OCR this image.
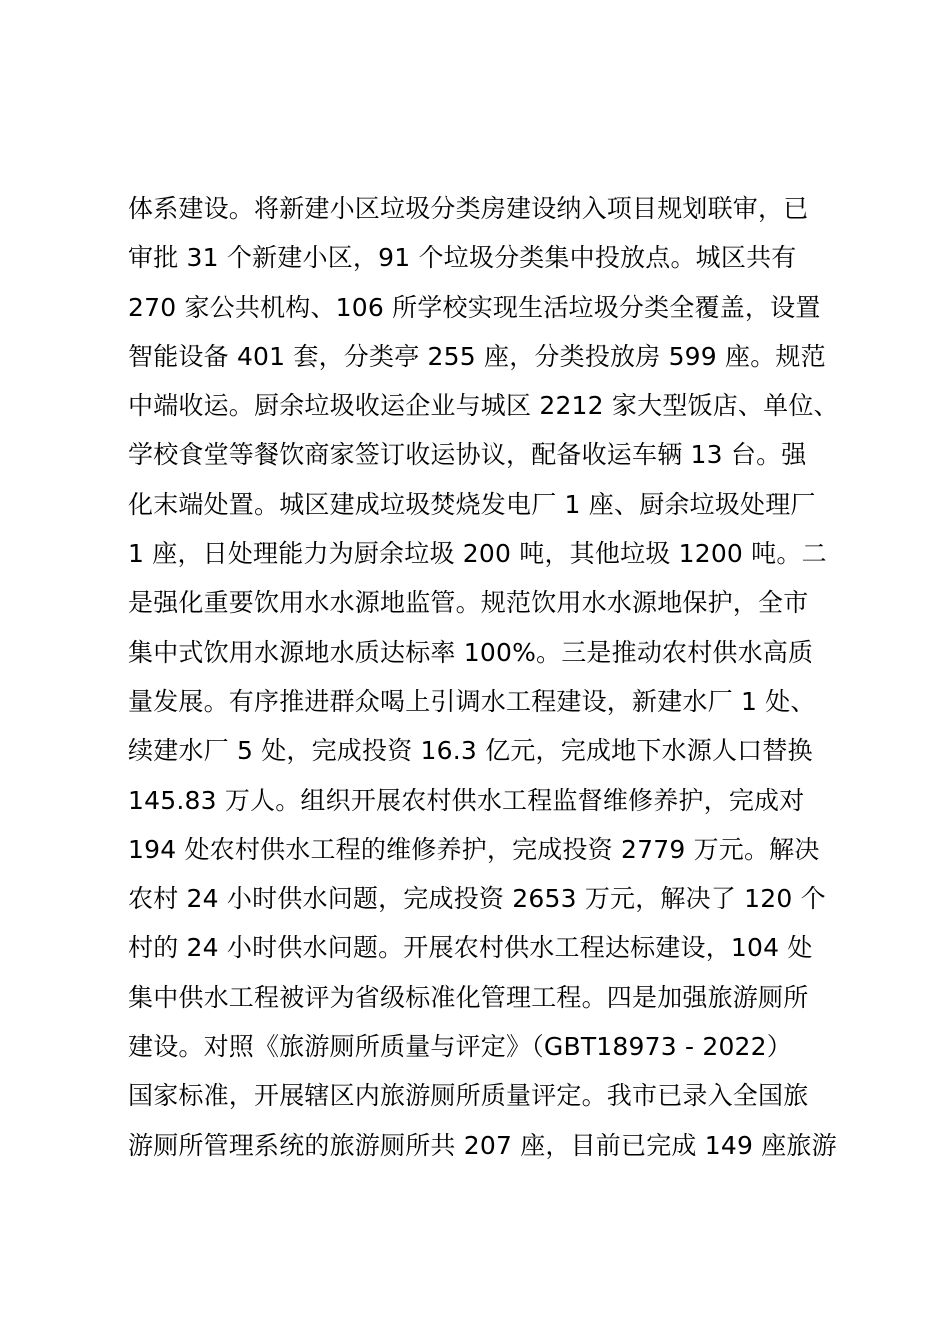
体系建设。将新建小区垃圾分类房建设纳入项目规划联审，已
审批 31 个新建小区，91 个垃圾分类集中投放点。城区共有
270 家公共机构、106 所学校实现生活垃圾分类全覆盖，设置
智能设备 401 套，分类亭 255 座，分类投放房 599 座。规范
中端收运。厨余垃圾收运企业与城区 2212 家大型饭店、单位、
学校食堂等餐饮商家签订收运协议，配备收运车辆 13 台。强
化末端处置。城区建成垃圾焚烧发电厂 1 座、厨余垃圾处理厂
1 座，日处理能力为厨余垃圾 200 吨，其他垃圾 1200 吨。二
是强化重要饮用水水源地监管。规范饮用水水源地保护，全市
集中式饮用水源地水质达标率 100%。三是推动农村供水高质
量发展。有序推进群众喝上引调水工程建设，新建水厂 1 处、
续建水厂 5 处，完成投资 16.3 亿元，完成地下水源人口替换
145.83 万人。组织开展农村供水工程监督维修养护，完成对
194 处农村供水工程的维修养护，完成投资 2779 万元。解决
农村 24 小时供水问题，完成投资 2653 万元，解决了 120 个
村的 24 小时供水问题。开展农村供水工程达标建设，104 处
集中供水工程被评为省级标准化管理工程。四是加强旅游厕所
建设。对照《旅游厕所质量与评定》（GBT18973 - 2022）
国家标准，开展辖区内旅游厕所质量评定。我市已录入全国旅
游厕所管理系统的旅游厕所共 207 座，目前已完成 149 座旅游
